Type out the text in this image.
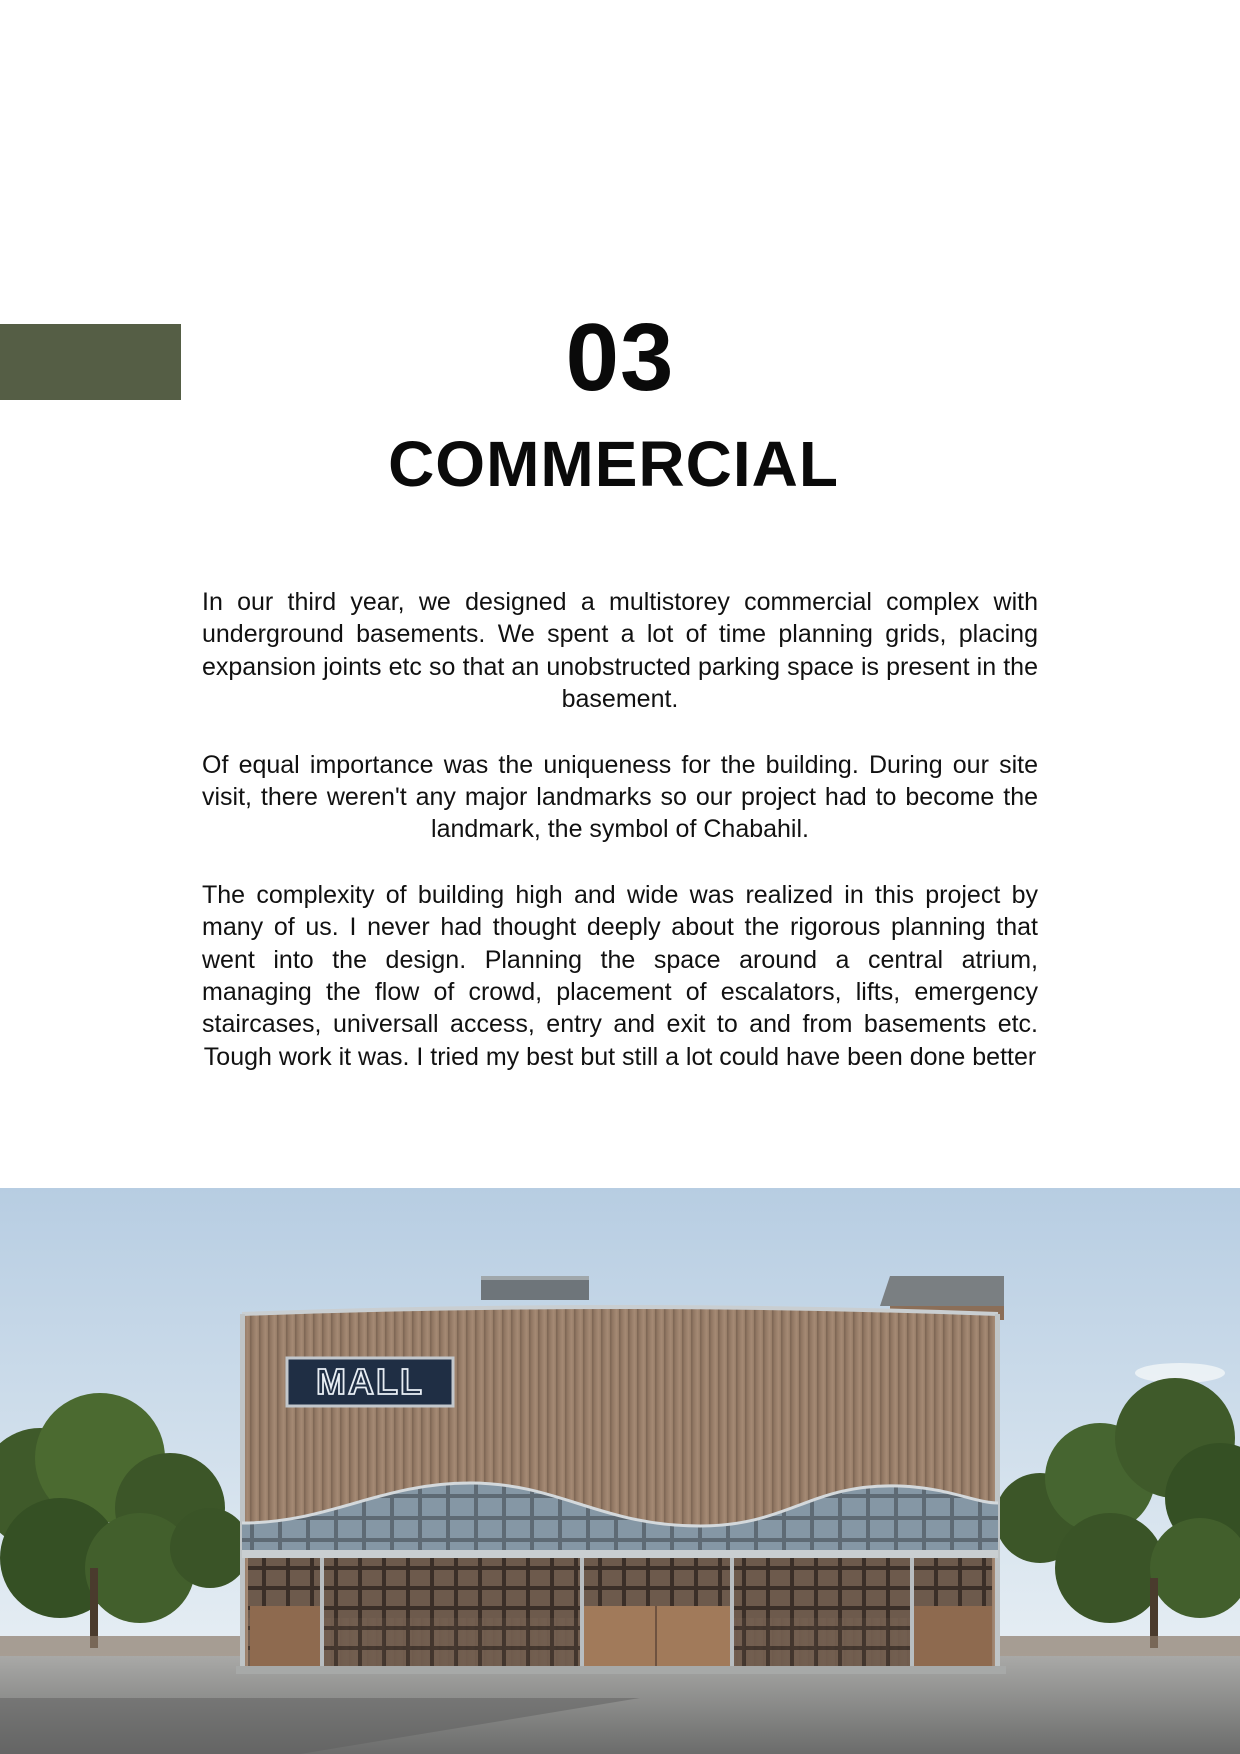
03
COMMERCIAL

In our third year, we designed a multistorey commercial complex with underground basements. We spent a lot of time planning grids, placing expansion joints etc so that an unobstructed parking space is present in the basement.

Of equal importance was the uniqueness for the building. During our site visit, there weren't any major landmarks so our project had to become the landmark, the symbol of Chabahil.

The complexity of building high and wide was realized in this project by many of us. I never had thought deeply about the rigorous planning that went into the design. Planning the space around a central atrium, managing the flow of crowd, placement of escalators, lifts, emergency staircases, universall access, entry and exit to and from basements etc. Tough work it was. I tried my best but still a lot could have been done better

MALL
